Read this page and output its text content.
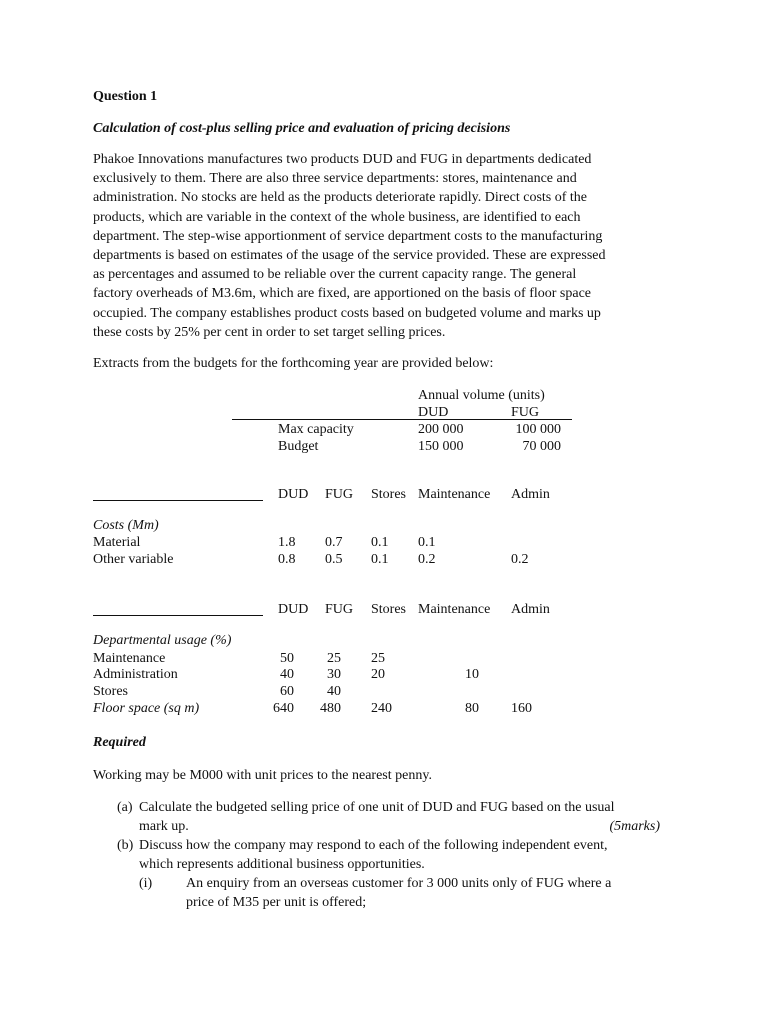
Question 1
Calculation of cost-plus selling price and evaluation of pricing decisions
Phakoe Innovations manufactures two products DUD and FUG in departments dedicated
exclusively to them. There are also three service departments: stores, maintenance and
administration. No stocks are held as the products deteriorate rapidly. Direct costs of the
products, which are variable in the context of the whole business, are identified to each
department. The step-wise apportionment of service department costs to the manufacturing
departments is based on estimates of the usage of the service provided. These are expressed
as percentages and assumed to be reliable over the current capacity range. The general
factory overheads of M3.6m, which are fixed, are apportioned on the basis of floor space
occupied. The company establishes product costs based on budgeted volume and marks up
these costs by 25% per cent in order to set target selling prices.
Extracts from the budgets for the forthcoming year are provided below:
Annual volume (units)
DUD	FUG
Max capacity	200 000	100 000
Budget	150 000	70 000
DUD FUG Stores Maintenance Admin
Costs (Mm)
Material	1.8 0.7 0.1 0.1
Other variable	0.8 0.5 0.1 0.2	0.2
DUD FUG Stores Maintenance Admin
Departmental usage (%)
Maintenance	50	25 25
Administration	40	30 20	10
Stores	60	40
Floor space (sq m)	640	480 240	80 160
Required
Working may be M000 with unit prices to the nearest penny.
(a) Calculate the budgeted selling price of one unit of DUD and FUG based on the usual
mark up.	(5marks)
(b) Discuss how the company may respond to each of the following independent event,
which represents additional business opportunities.
(i) An enquiry from an overseas customer for 3 000 units only of FUG where a
price of M35 per unit is offered;
